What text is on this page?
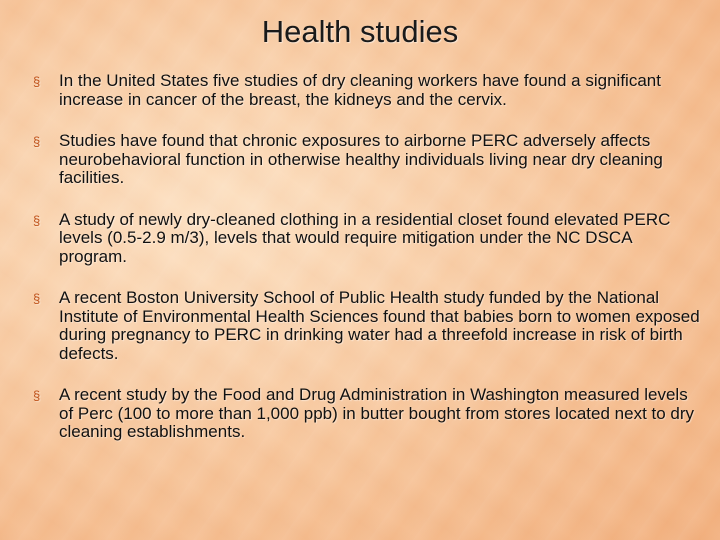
Health studies
§ In the United States five studies of dry cleaning workers have found a significant increase in cancer of the breast, the kidneys and the cervix.
§ Studies have found that chronic exposures to airborne PERC adversely affects neurobehavioral function in otherwise healthy individuals living near dry cleaning facilities.
§ A study of newly dry-cleaned clothing in a residential closet found elevated PERC levels (0.5-2.9 m/3), levels that would require mitigation under the NC DSCA program.
§ A recent Boston University School of Public Health study funded by the National Institute of Environmental Health Sciences found that babies born to women exposed during pregnancy to PERC in drinking water had a threefold increase in risk of birth defects.
§ A recent study by the Food and Drug Administration in Washington measured levels of Perc (100 to more than 1,000 ppb) in butter bought from stores located next to dry cleaning establishments.
